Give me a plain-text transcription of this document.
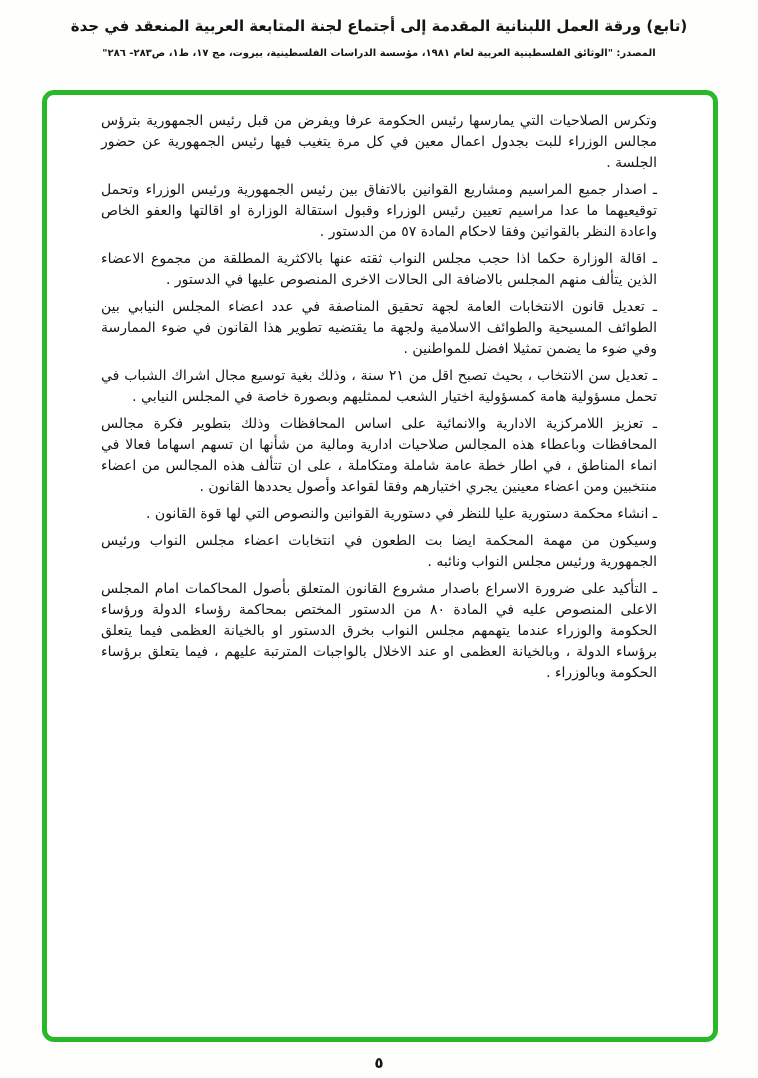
(تابع) ورقة العمل اللبنانية المقدمة إلى أجتماع لجنة المتابعة العربية المنعقد في جدة

المصدر: "الوثائق الفلسطينية العربية لعام ١٩٨١، مؤسسة الدراسات الفلسطينية، بيروت، مج ١٧، ط١، ص٢٨٣- ٢٨٦"

وتكرس الصلاحيات التي يمارسها رئيس الحكومة عرفا ويفرض من قبل رئيس الجمهورية بترؤس مجالس الوزراء للبت بجدول اعمال معين في كل مرة يتغيب فيها رئيس الجمهورية عن حضور الجلسة .

ـ اصدار جميع المراسيم ومشاريع القوانين بالاتفاق بين رئيس الجمهورية ورئيس الوزراء وتحمل توقيعيهما ما عدا مراسيم تعيين رئيس الوزراء وقبول استقالة الوزارة او اقالتها والعفو الخاص واعادة النظر بالقوانين وفقا لاحكام المادة ٥٧ من الدستور .

ـ اقالة الوزارة حكما اذا حجب مجلس النواب ثقته عنها بالاكثرية المطلقة من مجموع الاعضاء الذين يتألف منهم المجلس بالاضافة الى الحالات الاخرى المنصوص عليها في الدستور .

ـ تعديل قانون الانتخابات العامة لجهة تحقيق المناصفة في عدد اعضاء المجلس النيابي بين الطوائف المسيحية والطوائف الاسلامية ولجهة ما يقتضيه تطوير هذا القانون في ضوء الممارسة وفي ضوء ما يضمن تمثيلا افضل للمواطنين .

ـ تعديل سن الانتخاب ، بحيث تصبح اقل من ٢١ سنة ، وذلك بغية توسيع مجال اشراك الشباب في تحمل مسؤولية هامة كمسؤولية اختيار الشعب لممثليهم وبصورة خاصة في المجلس النيابي .

ـ تعزيز اللامركزية الادارية والانمائية على اساس المحافظات وذلك بتطوير فكرة مجالس المحافظات وباعطاء هذه المجالس صلاحيات ادارية ومالية من شأنها ان تسهم اسهاما فعالا في انماء المناطق ، في اطار خطة عامة شاملة ومتكاملة ، على ان تتألف هذه المجالس من اعضاء منتخبين ومن اعضاء معينين يجري اختيارهم وفقا لقواعد وأصول يحددها القانون .

ـ انشاء محكمة دستورية عليا للنظر في دستورية القوانين والنصوص التي لها قوة القانون .

وسيكون من مهمة المحكمة ايضا بت الطعون في انتخابات اعضاء مجلس النواب ورئيس الجمهورية ورئيس مجلس النواب ونائبه .

ـ التأكيد على ضرورة الاسراع باصدار مشروع القانون المتعلق بأصول المحاكمات امام المجلس الاعلى المنصوص عليه في المادة ٨٠ من الدستور المختص بمحاكمة رؤساء الدولة ورؤساء الحكومة والوزراء عندما يتهمهم مجلس النواب بخرق الدستور او بالخيانة العظمى فيما يتعلق برؤساء الدولة ، وبالخيانة العظمى او عند الاخلال بالواجبات المترتبة عليهم ، فيما يتعلق برؤساء الحكومة وبالوزراء .

٥
